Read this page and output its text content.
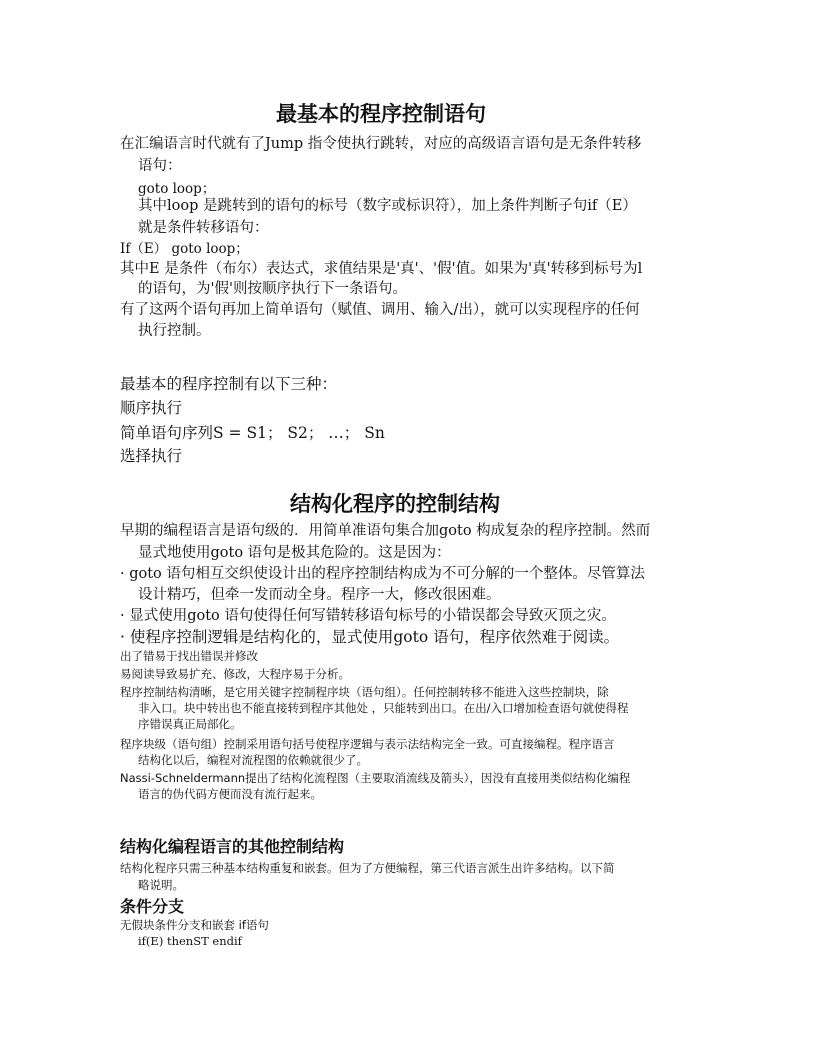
最基本的程序控制语句
在汇编语言时代就有了Jump 指令使执行跳转，对应的高级语言语句是无条件转移
语句：
goto loop；
其中loop 是跳转到的语句的标号（数字或标识符），加上条件判断子句if（E）
就是条件转移语句：
If（E） goto loop；
其中E 是条件（布尔）表达式，求值结果是'真'、'假'值。如果为'真'转移到标号为l
的语句，为'假'则按顺序执行下一条语句。
有了这两个语句再加上简单语句（赋值、调用、输入/出），就可以实现程序的任何
执行控制。
最基本的程序控制有以下三种：
顺序执行
简单语句序列S = S1； S2； …； Sn
选择执行
结构化程序的控制结构
早期的编程语言是语句级的．用简单准语句集合加goto 构成复杂的程序控制。然而
显式地使用goto 语句是极其危险的。这是因为：
· goto 语句相互交织使设计出的程序控制结构成为不可分解的一个整体。尽管算法
设计精巧，但牵一发而动全身。程序一大，修改很困难。
· 显式使用goto 语句使得任何写错转移语句标号的小错误都会导致灭顶之灾。
· 使程序控制逻辑是结构化的，显式使用goto 语句，程序依然难于阅读。
出了错易于找出错误并修改
易阅读导致易扩充、修改，大程序易于分析。
程序控制结构清晰，是它用关键字控制程序块（语句组）。任何控制转移不能进入这些控制块，除
非入口。块中转出也不能直接转到程序其他处 ，只能转到出口。在出/入口增加检查语句就使得程
序错误真正局部化。
程序块级（语句组）控制采用语句括号使程序逻辑与表示法结构完全一致。可直接编程。程序语言
结构化以后，编程对流程图的依赖就很少了。
Nassi-Schneldermann提出了结构化流程图（主要取消流线及箭头），因没有直接用类似结构化编程
语言的伪代码方便而没有流行起来。
结构化编程语言的其他控制结构
结构化程序只需三种基本结构重复和嵌套。但为了方便编程，第三代语言派生出许多结构。以下简
略说明。
条件分支
无假块条件分支和嵌套 if语句
if(E) thenST endif
